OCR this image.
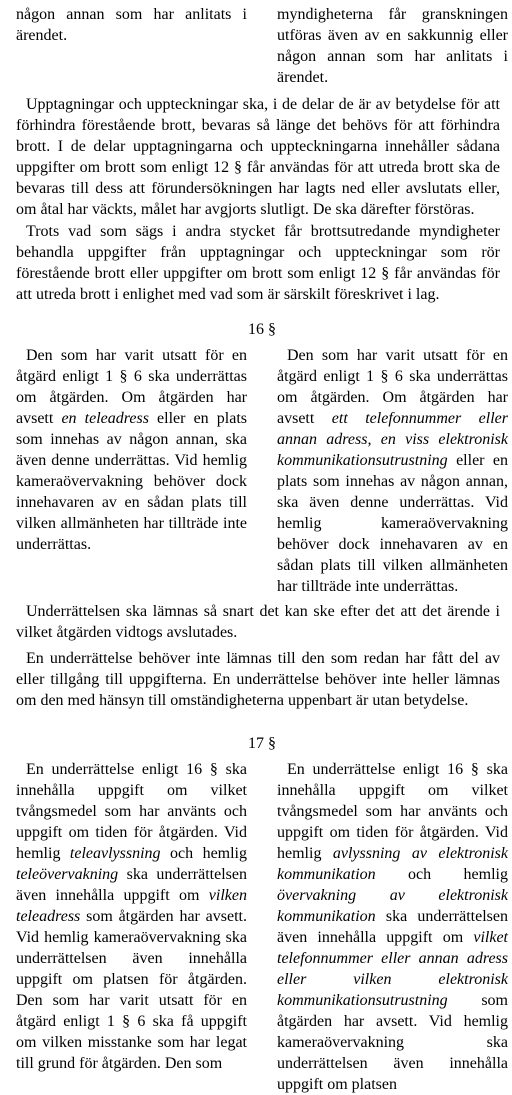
någon annan som har anlitats i ärendet.

myndigheterna får granskningen utföras även av en sakkunnig eller någon annan som har anlitats i ärendet.

Upptagningar och uppteckningar ska, i de delar de är av betydelse för att förhindra förestående brott, bevaras så länge det behövs för att förhindra brott. I de delar upptagningarna och uppteckningarna innehåller sådana uppgifter om brott som enligt 12 § får användas för att utreda brott ska de bevaras till dess att förundersökningen har lagts ned eller avslutats eller, om åtal har väckts, målet har avgjorts slutligt. De ska därefter förstöras.

Trots vad som sägs i andra stycket får brottsutredande myndigheter behandla uppgifter från upptagningar och uppteckningar som rör förestående brott eller uppgifter om brott som enligt 12 § får användas för att utreda brott i enlighet med vad som är särskilt föreskrivet i lag.

16 §

Den som har varit utsatt för en åtgärd enligt 1 § 6 ska underrättas om åtgärden. Om åtgärden har avsett en teleadress eller en plats som innehas av någon annan, ska även denne underrättas. Vid hemlig kameraövervakning behöver dock innehavaren av en sådan plats till vilken allmänheten har tillträde inte underrättas.

Den som har varit utsatt för en åtgärd enligt 1 § 6 ska underrättas om åtgärden. Om åtgärden har avsett ett telefonnummer eller annan adress, en viss elektronisk kommunikationsutrustning eller en plats som innehas av någon annan, ska även denne underrättas. Vid hemlig kameraövervakning behöver dock innehavaren av en sådan plats till vilken allmänheten har tillträde inte underrättas.

Underrättelsen ska lämnas så snart det kan ske efter det att det ärende i vilket åtgärden vidtogs avslutades.

En underrättelse behöver inte lämnas till den som redan har fått del av eller tillgång till uppgifterna. En underrättelse behöver inte heller lämnas om den med hänsyn till omständigheterna uppenbart är utan betydelse.

17 §

En underrättelse enligt 16 § ska innehålla uppgift om vilket tvångsmedel som har använts och uppgift om tiden för åtgärden. Vid hemlig teleavlyssning och hemlig teleövervakning ska underrättelsen även innehålla uppgift om vilken teleadress som åtgärden har avsett. Vid hemlig kameraövervakning ska underrättelsen även innehålla uppgift om platsen för åtgärden. Den som har varit utsatt för en åtgärd enligt 1 § 6 ska få uppgift om vilken misstanke som har legat till grund för åtgärden. Den som

En underrättelse enligt 16 § ska innehålla uppgift om vilket tvångsmedel som har använts och uppgift om tiden för åtgärden. Vid hemlig avlyssning av elektronisk kommunikation och hemlig övervakning av elektronisk kommunikation ska underrättelsen även innehålla uppgift om vilket telefonnummer eller annan adress eller vilken elektronisk kommunikationsutrustning som åtgärden har avsett. Vid hemlig kameraövervakning ska underrättelsen även innehålla uppgift om platsen
